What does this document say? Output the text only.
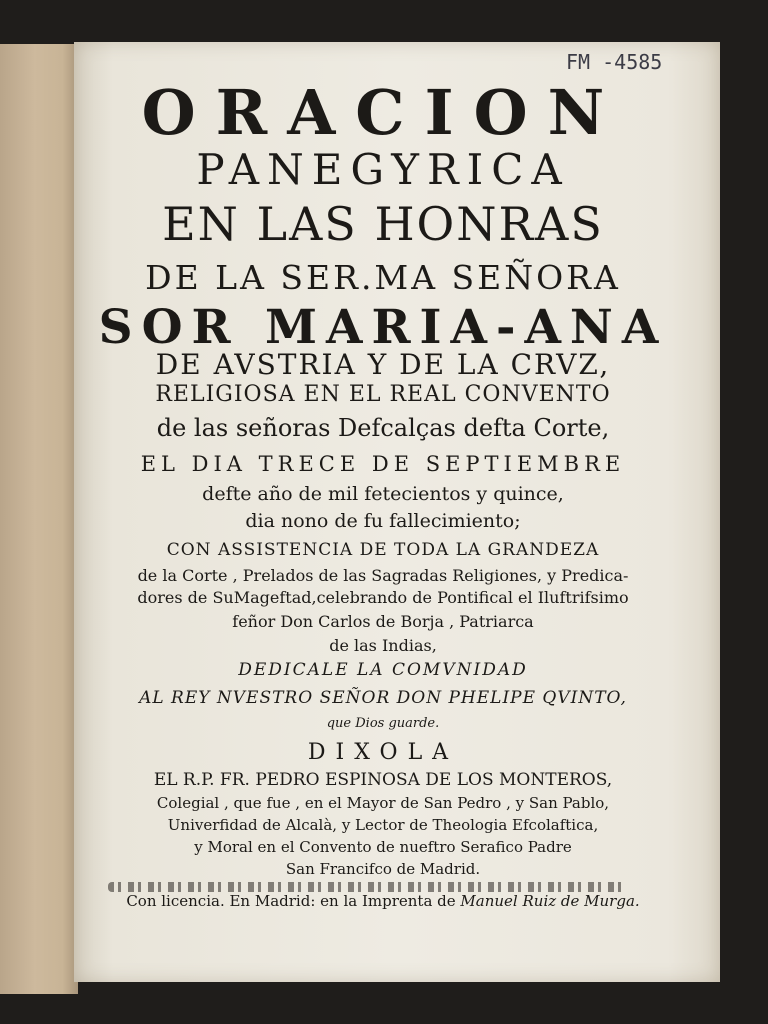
FM -4585
ORACION
PANEGYRICA
EN LAS HONRAS
DE LA SER.MA SEÑORA
SOR MARIA-ANA
DE AVSTRIA Y DE LA CRVZ,
RELIGIOSA EN EL REAL CONVENTO
de las señoras Defcalças defta Corte,
EL DIA TRECE DE SEPTIEMBRE
defte año de mil fetecientos y quince,
dia nono de fu fallecimiento;
CON ASSISTENCIA DE TODA LA GRANDEZA
de la Corte , Prelados de las Sagradas Religiones, y Predica-
dores de SuMageftad,celebrando de Pontifical el Iluftrifsimo
feñor Don Carlos de Borja , Patriarca
de las Indias,
DEDICALE LA COMVNIDAD
AL REY NVESTRO SEÑOR DON PHELIPE QVINTO,
que Dios guarde.
DIXOLA
EL R.P. FR. PEDRO ESPINOSA DE LOS MONTEROS,
Colegial , que fue , en el Mayor de San Pedro , y San Pablo,
Univerfidad de Alcalà, y Lector de Theologia Efcolaftica,
y Moral en el Convento de nueftro Serafico Padre
San Francifco de Madrid.
Con licencia. En Madrid: en la Imprenta de Manuel Ruiz de Murga.
